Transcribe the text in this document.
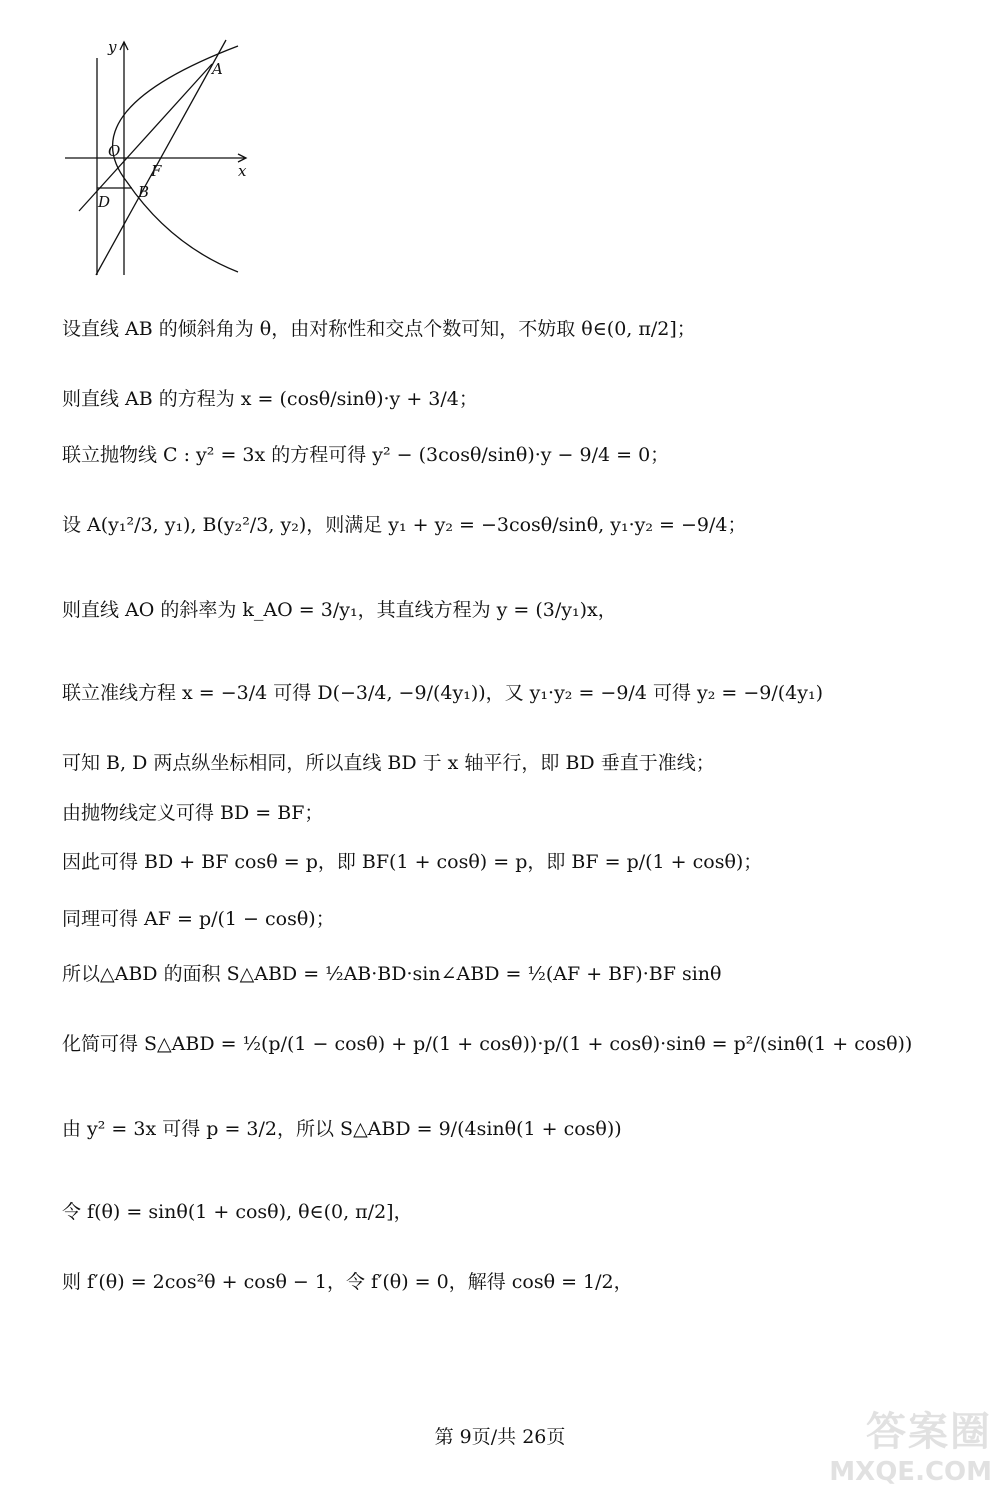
y
x
A
O
F
B
D
设直线 AB 的倾斜角为 θ，由对称性和交点个数可知，不妨取 θ∈(0, π/2]；
则直线 AB 的方程为 x = (cosθ/sinθ)·y + 3/4；
联立抛物线 C : y² = 3x 的方程可得 y² − (3cosθ/sinθ)·y − 9/4 = 0；
设 A(y₁²/3, y₁), B(y₂²/3, y₂)，则满足 y₁ + y₂ = −3cosθ/sinθ, y₁·y₂ = −9/4；
则直线 AO 的斜率为 k_AO = 3/y₁，其直线方程为 y = (3/y₁)x，
联立准线方程 x = −3/4 可得 D(−3/4, −9/(4y₁))，又 y₁·y₂ = −9/4 可得 y₂ = −9/(4y₁)
可知 B, D 两点纵坐标相同，所以直线 BD 于 x 轴平行，即 BD 垂直于准线；
由抛物线定义可得 BD = BF；
因此可得 BD + BF cosθ = p，即 BF(1 + cosθ) = p，即 BF = p/(1 + cosθ)；
同理可得 AF = p/(1 − cosθ)；
所以△ABD 的面积 S△ABD = ½AB·BD·sin∠ABD = ½(AF + BF)·BF sinθ
化简可得 S△ABD = ½(p/(1 − cosθ) + p/(1 + cosθ))·p/(1 + cosθ)·sinθ = p²/(sinθ(1 + cosθ))
由 y² = 3x 可得 p = 3/2，所以 S△ABD = 9/(4sinθ(1 + cosθ))
令 f(θ) = sinθ(1 + cosθ), θ∈(0, π/2]，
则 f′(θ) = 2cos²θ + cosθ − 1，令 f′(θ) = 0，解得 cosθ = 1/2，
第 9页/共 26页	答案圈
MXQE.COM
